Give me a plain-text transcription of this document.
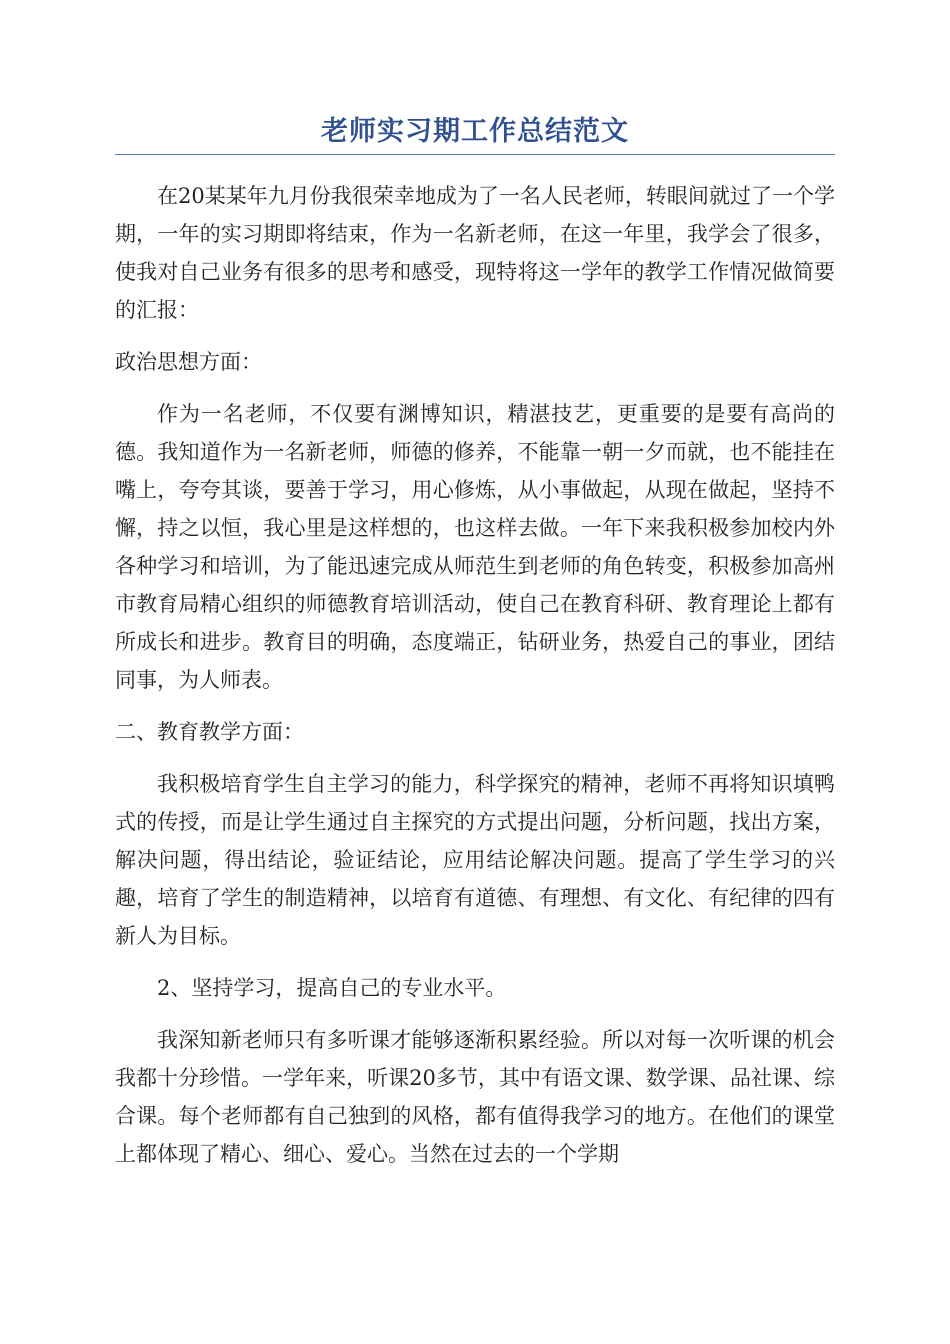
老师实习期工作总结范文

在20某某年九月份我很荣幸地成为了一名人民老师，转眼间就过了一个学期，一年的实习期即将结束，作为一名新老师，在这一年里，我学会了很多，使我对自己业务有很多的思考和感受，现特将这一学年的教学工作情况做简要的汇报：

政治思想方面：

作为一名老师，不仅要有渊博知识，精湛技艺，更重要的是要有高尚的德。我知道作为一名新老师，师德的修养，不能靠一朝一夕而就，也不能挂在嘴上，夸夸其谈，要善于学习，用心修炼，从小事做起，从现在做起，坚持不懈，持之以恒，我心里是这样想的，也这样去做。一年下来我积极参加校内外各种学习和培训，为了能迅速完成从师范生到老师的角色转变，积极参加高州市教育局精心组织的师德教育培训活动，使自己在教育科研、教育理论上都有所成长和进步。教育目的明确，态度端正，钻研业务，热爱自己的事业，团结同事，为人师表。

二、教育教学方面：

我积极培育学生自主学习的能力，科学探究的精神，老师不再将知识填鸭式的传授，而是让学生通过自主探究的方式提出问题，分析问题，找出方案，解决问题，得出结论，验证结论，应用结论解决问题。提高了学生学习的兴趣，培育了学生的制造精神，以培育有道德、有理想、有文化、有纪律的四有新人为目标。

2、坚持学习，提高自己的专业水平。

我深知新老师只有多听课才能够逐渐积累经验。所以对每一次听课的机会我都十分珍惜。一学年来，听课20多节，其中有语文课、数学课、品社课、综合课。每个老师都有自己独到的风格，都有值得我学习的地方。在他们的课堂上都体现了精心、细心、爱心。当然在过去的一个学期
